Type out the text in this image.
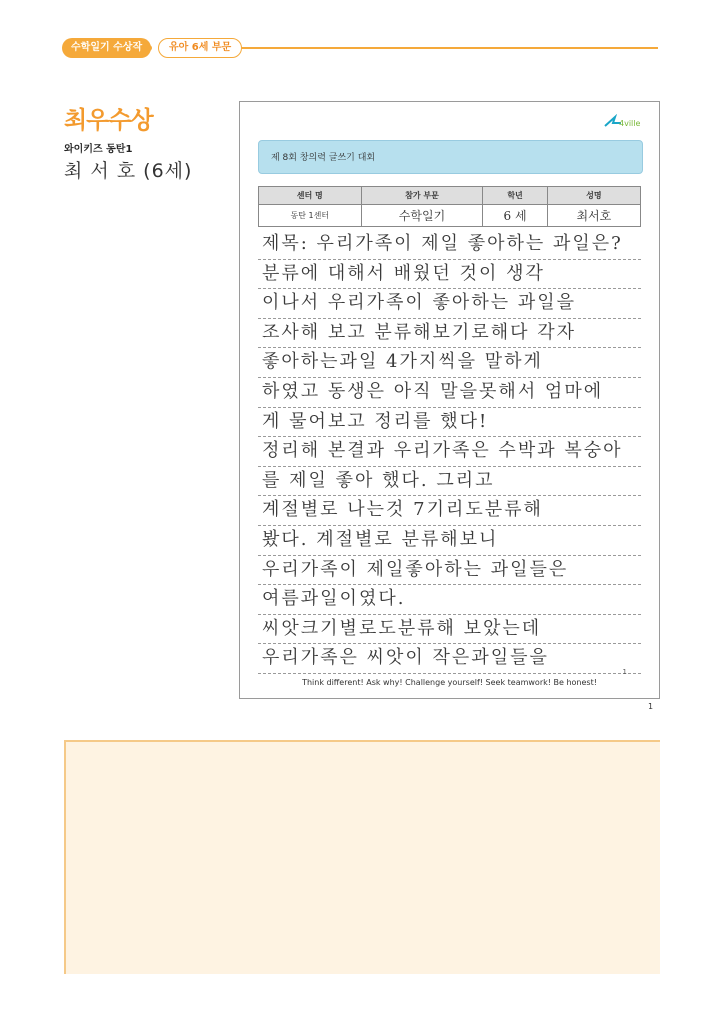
수학일기 수상작	유아 6세 부문
최우수상
와이키즈 동탄1
최 서 호 (6세)
4ville
제 8회 창의력 글쓰기 대회
센터 명	참가 부문	학년	성명
동탄 1센터	수학일기	6 세	최서호
제목: 우리가족이 제일 좋아하는 과일은?
분류에 대해서 배웠던 것이 생각
이나서 우리가족이 좋아하는 과일을
조사해 보고 분류해보기로해다 각자
좋아하는과일 4가지씩을 말하게
하였고 동생은 아직 말을못해서 엄마에
게 물어보고 정리를 했다!
정리해 본결과 우리가족은 수박과 복숭아
를 제일 좋아 했다. 그리고
계절별로 나는것 7기리도분류해
봤다. 계절별로 분류해보니
우리가족이 제일좋아하는 과일들은
여름과일이였다.
씨앗크기별로도분류해 보았는데
우리가족은 씨앗이 작은과일들을
1
Think different! Ask why! Challenge yourself! Seek teamwork! Be honest!
1
